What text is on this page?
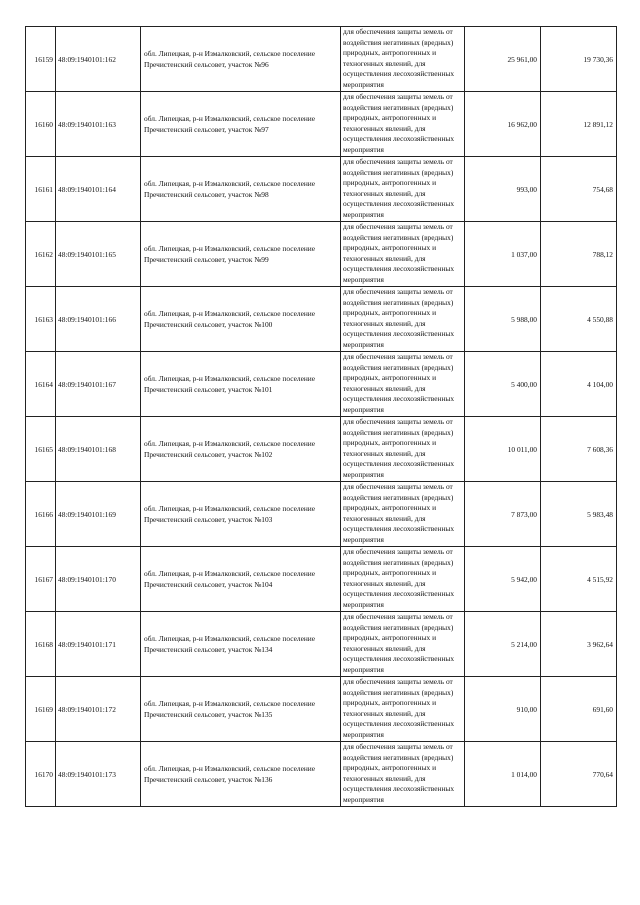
16159	48:09:1940101:162	обл. Липецкая, р-н Измалковский, сельское поселение Пречистенский сельсовет, участок №96	для обеспечения защиты земель от воздействия негативных (вредных) природных, антропогенных и техногенных явлений, для осуществления лесохозяйственных мероприятия	25 961,00	19 730,36
16160	48:09:1940101:163	обл. Липецкая, р-н Измалковский, сельское поселение Пречистенский сельсовет, участок №97	для обеспечения защиты земель от воздействия негативных (вредных) природных, антропогенных и техногенных явлений, для осуществления лесохозяйственных мероприятия	16 962,00	12 891,12
16161	48:09:1940101:164	обл. Липецкая, р-н Измалковский, сельское поселение Пречистенский сельсовет, участок №98	для обеспечения защиты земель от воздействия негативных (вредных) природных, антропогенных и техногенных явлений, для осуществления лесохозяйственных мероприятия	993,00	754,68
16162	48:09:1940101:165	обл. Липецкая, р-н Измалковский, сельское поселение Пречистенский сельсовет, участок №99	для обеспечения защиты земель от воздействия негативных (вредных) природных, антропогенных и техногенных явлений, для осуществления лесохозяйственных мероприятия	1 037,00	788,12
16163	48:09:1940101:166	обл. Липецкая, р-н Измалковский, сельское поселение Пречистенский сельсовет, участок №100	для обеспечения защиты земель от воздействия негативных (вредных) природных, антропогенных и техногенных явлений, для осуществления лесохозяйственных мероприятия	5 988,00	4 550,88
16164	48:09:1940101:167	обл. Липецкая, р-н Измалковский, сельское поселение Пречистенский сельсовет, участок №101	для обеспечения защиты земель от воздействия негативных (вредных) природных, антропогенных и техногенных явлений, для осуществления лесохозяйственных мероприятия	5 400,00	4 104,00
16165	48:09:1940101:168	обл. Липецкая, р-н Измалковский, сельское поселение Пречистенский сельсовет, участок №102	для обеспечения защиты земель от воздействия негативных (вредных) природных, антропогенных и техногенных явлений, для осуществления лесохозяйственных мероприятия	10 011,00	7 608,36
16166	48:09:1940101:169	обл. Липецкая, р-н Измалковский, сельское поселение Пречистенский сельсовет, участок №103	для обеспечения защиты земель от воздействия негативных (вредных) природных, антропогенных и техногенных явлений, для осуществления лесохозяйственных мероприятия	7 873,00	5 983,48
16167	48:09:1940101:170	обл. Липецкая, р-н Измалковский, сельское поселение Пречистенский сельсовет, участок №104	для обеспечения защиты земель от воздействия негативных (вредных) природных, антропогенных и техногенных явлений, для осуществления лесохозяйственных мероприятия	5 942,00	4 515,92
16168	48:09:1940101:171	обл. Липецкая, р-н Измалковский, сельское поселение Пречистенский сельсовет, участок №134	для обеспечения защиты земель от воздействия негативных (вредных) природных, антропогенных и техногенных явлений, для осуществления лесохозяйственных мероприятия	5 214,00	3 962,64
16169	48:09:1940101:172	обл. Липецкая, р-н Измалковский, сельское поселение Пречистенский сельсовет, участок №135	для обеспечения защиты земель от воздействия негативных (вредных) природных, антропогенных и техногенных явлений, для осуществления лесохозяйственных мероприятия	910,00	691,60
16170	48:09:1940101:173	обл. Липецкая, р-н Измалковский, сельское поселение Пречистенский сельсовет, участок №136	для обеспечения защиты земель от воздействия негативных (вредных) природных, антропогенных и техногенных явлений, для осуществления лесохозяйственных мероприятия	1 014,00	770,64
